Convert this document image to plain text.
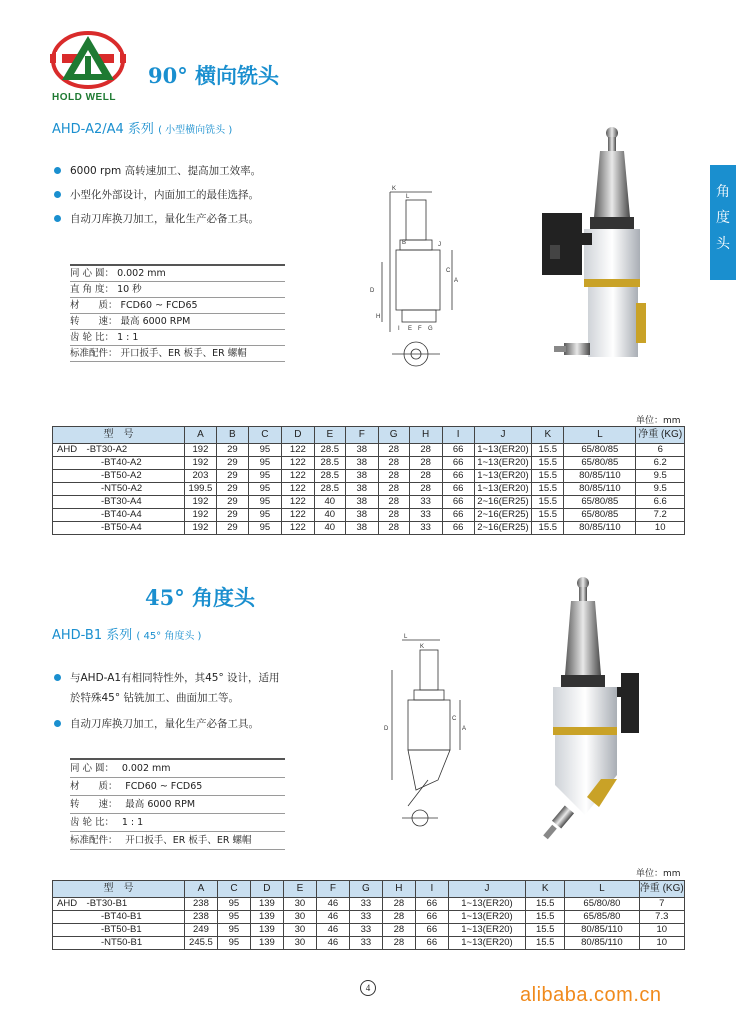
HOLD WELL
角
度
头
90° 横向铣头
AHD-A2/A4 系列 ( 小型横向铣头 )
6000 rpm 高转速加工、提高加工效率。
小型化外部设计，内面加工的最佳选择。
自动刀库换刀加工，量化生产必备工具。
同 心 圆： 0.002 mm
直 角 度： 10 秒
材　　质： FCD60 ~ FCD65
转　　速： 最高 6000 RPM
齿 轮 比： 1 : 1
标准配件： 开口扳手、ER 板手、ER 螺帽
K
L
A
C
D
E F G
B	J
H
I
单位：mm
型　号	A	B	C	D	E	F	G	H	I	J	K	L	净重 (KG)
AHD　-BT30-A2	192	29	95	122	28.5	38	28	28	66	1~13(ER20)	15.5	65/80/85	6
-BT40-A2	192	29	95	122	28.5	38	28	28	66	1~13(ER20)	15.5	65/80/85	6.2
-BT50-A2	203	29	95	122	28.5	38	28	28	66	1~13(ER20)	15.5	80/85/110	9.5
-NT50-A2	199.5	29	95	122	28.5	38	28	28	66	1~13(ER20)	15.5	80/85/110	9.5
-BT30-A4	192	29	95	122	40	38	28	33	66	2~16(ER25)	15.5	65/80/85	6.6
-BT40-A4	192	29	95	122	40	38	28	33	66	2~16(ER25)	15.5	65/80/85	7.2
-BT50-A4	192	29	95	122	40	38	28	33	66	2~16(ER25)	15.5	80/85/110	10
45° 角度头
AHD-B1 系列 ( 45° 角度头 )
与AHD-A1有相同特性外，其45° 设计，适用
於特殊45° 钻铣加工、曲面加工等。
自动刀库换刀加工，量化生产必备工具。
同 心 圆：　 0.002 mm
材　　质：　 FCD60 ~ FCD65
转　　速：　 最高 6000 RPM
齿 轮 比：　 1 : 1
标准配件：　 开口扳手、ER 板手、ER 螺帽
L
K
D	A
C
单位：mm
型　号	A	C	D	E	F	G	H	I	J	K	L	净重 (KG)
AHD　-BT30-B1	238	95	139	30	46	33	28	66	1~13(ER20)	15.5	65/80/80	7
-BT40-B1	238	95	139	30	46	33	28	66	1~13(ER20)	15.5	65/85/80	7.3
-BT50-B1	249	95	139	30	46	33	28	66	1~13(ER20)	15.5	80/85/110	10
-NT50-B1	245.5	95	139	30	46	33	28	66	1~13(ER20)	15.5	80/85/110	10
4	alibaba.com.cn
